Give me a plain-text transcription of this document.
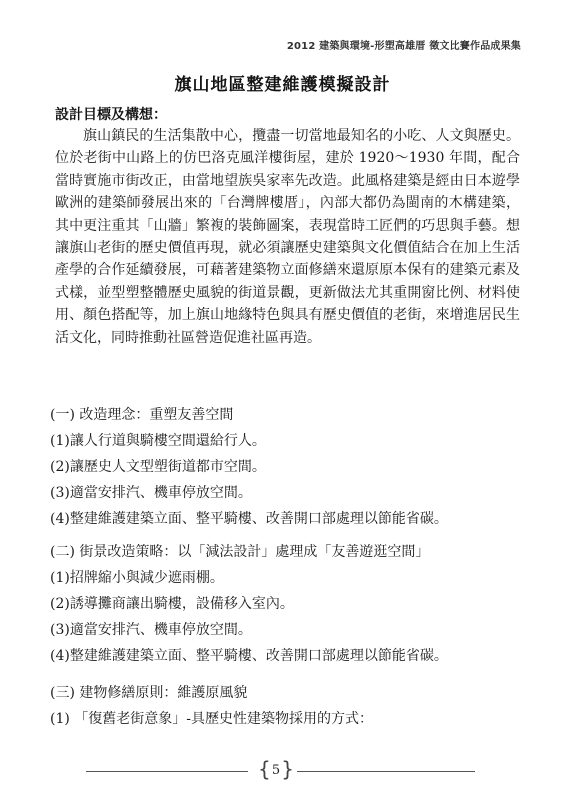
2012 建築與環境-形塑高雄厝 徵文比賽作品成果集
旗山地區整建維護模擬設計
設計目標及構想：

旗山鎮民的生活集散中心，攬盡一切當地最知名的小吃、人文與歷史。位於老街中山路上的仿巴洛克風洋樓街屋，建於 1920～1930 年間，配合當時實施市街改正，由當地望族吳家率先改造。此風格建築是經由日本遊學歐洲的建築師發展出來的「台灣牌樓厝」，內部大都仍為閩南的木構建築，其中更注重其「山牆」繁複的裝飾圖案，表現當時工匠們的巧思與手藝。想讓旗山老街的歷史價值再現，就必須讓歷史建築與文化價值結合在加上生活產學的合作延續發展，可藉著建築物立面修繕來還原原本保有的建築元素及式樣，並型塑整體歷史風貌的街道景觀，更新做法尤其重開窗比例、材料使用、顏色搭配等，加上旗山地緣特色與具有歷史價值的老街，來增進居民生活文化，同時推動社區營造促進社區再造。

(一) 改造理念：重塑友善空間
(1)讓人行道與騎樓空間還給行人。
(2)讓歷史人文型塑街道都市空間。
(3)適當安排汽、機車停放空間。
(4)整建維護建築立面、整平騎樓、改善開口部處理以節能省碳。
(二) 街景改造策略：以「減法設計」處理成「友善遊逛空間」
(1)招牌縮小與減少遮雨棚。
(2)誘導攤商讓出騎樓，設備移入室內。
(3)適當安排汽、機車停放空間。
(4)整建維護建築立面、整平騎樓、改善開口部處理以節能省碳。
(三) 建物修繕原則：維護原風貌
(1) 「復舊老街意象」-具歷史性建築物採用的方式：
{ 5 }
